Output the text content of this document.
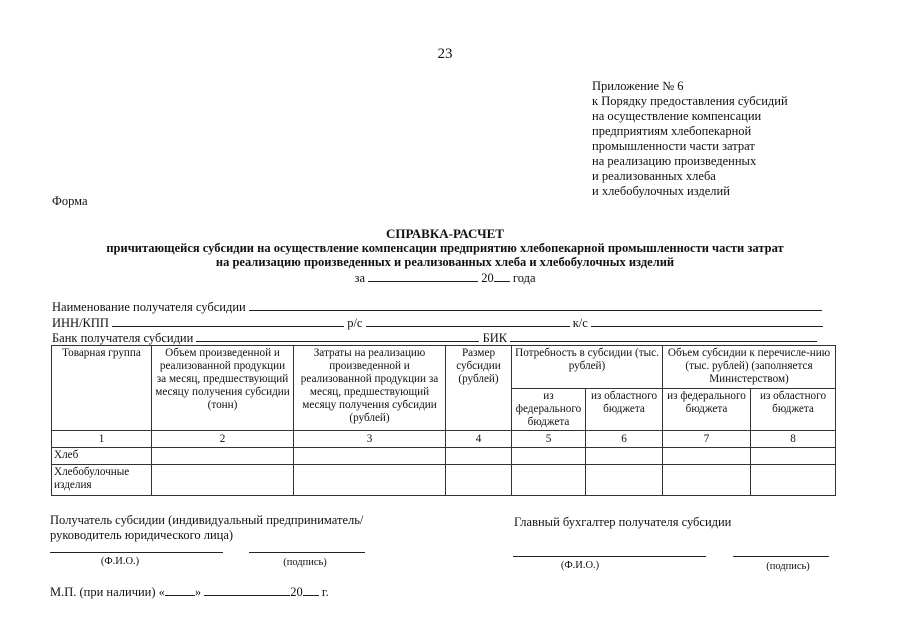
23
Приложение № 6
к Порядку предоставления субсидий
на осуществление компенсации
предприятиям хлебопекарной
промышленности части затрат
на реализацию произведенных
и реализованных хлеба
и хлебобулочных изделий
Форма
СПРАВКА-РАСЧЕТ
причитающейся субсидии на осуществление компенсации предприятию хлебопекарной промышленности части затрат
на реализацию произведенных и реализованных хлеба и хлебобулочных изделий
за	20 года
Наименование получателя субсидии
ИНН/КПП	р/с	к/с
Банк получателя субсидии	БИК
Товарная группа	Объем произведенной и реализованной продукции за месяц, предшествующий месяцу получения субсидии (тонн)	Затраты на реализацию произведенной и реализованной продукции за месяц, предшествующий месяцу получения субсидии (рублей)	Размер субсидии (рублей)	Потребность в субсидии (тыс. рублей)		Объем субсидии к перечисле-нию (тыс. рублей) (заполняется Министерством)	
				из федерального бюджета	из областного бюджета	из федерального бюджета	из областного бюджета
1	2	3	4	5	6	7	8
Хлеб							
Хлебобулочные изделия							
Получатель субсидии (индивидуальный предприниматель/ руководитель юридического лица)
Главный бухгалтер получателя субсидии
(Ф.И.О.)	(подпись)	(Ф.И.О.)	(подпись)
М.П. (при наличии) « »	20 г.
